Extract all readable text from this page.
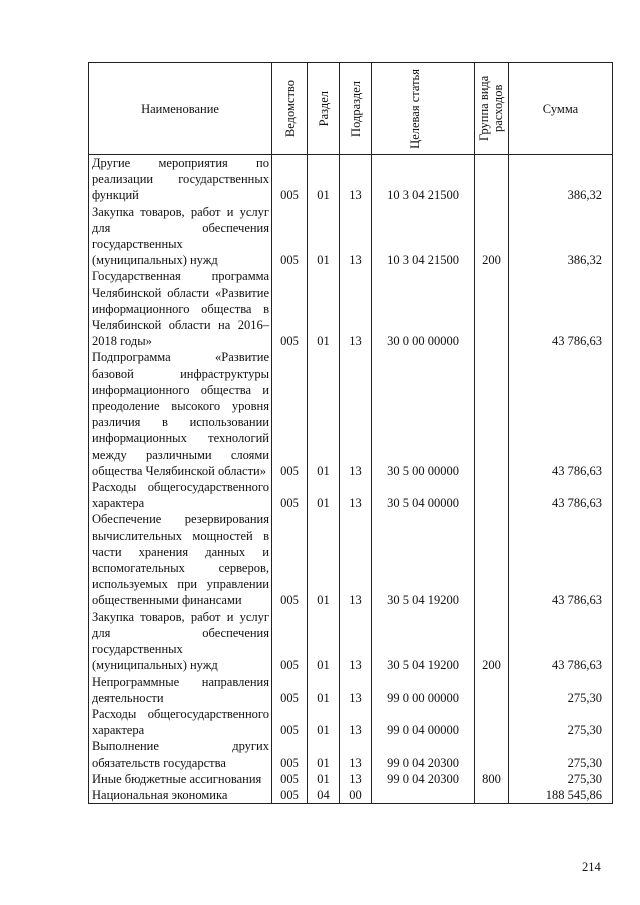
Наименование	Ведомство	Раздел	Подраздел	Целевая статья	Группа вида расходов	Сумма
Другие мероприятия по реализации государственных функций	005	01	13	10 3 04 21500		386,32
Закупка товаров, работ и услуг для обеспечения государственных (муниципальных) нужд	005	01	13	10 3 04 21500	200	386,32
Государственная программа Челябинской области «Развитие информационного общества в Челябинской области на 2016–2018 годы»	005	01	13	30 0 00 00000		43 786,63
Подпрограмма «Развитие базовой инфраструктуры информационного общества и преодоление высокого уровня различия в использовании информационных технологий между различными слоями общества Челябинской области»	005	01	13	30 5 00 00000		43 786,63
Расходы общегосударственного характера	005	01	13	30 5 04 00000		43 786,63
Обеспечение резервирования вычислительных мощностей в части хранения данных и вспомогательных серверов, используемых при управлении общественными финансами	005	01	13	30 5 04 19200		43 786,63
Закупка товаров, работ и услуг для обеспечения государственных (муниципальных) нужд	005	01	13	30 5 04 19200	200	43 786,63
Непрограммные направления деятельности	005	01	13	99 0 00 00000		275,30
Расходы общегосударственного характера	005	01	13	99 0 04 00000		275,30
Выполнение других обязательств государства	005	01	13	99 0 04 20300		275,30
Иные бюджетные ассигнования	005	01	13	99 0 04 20300	800	275,30
Национальная экономика	005	04	00			188 545,86
214
